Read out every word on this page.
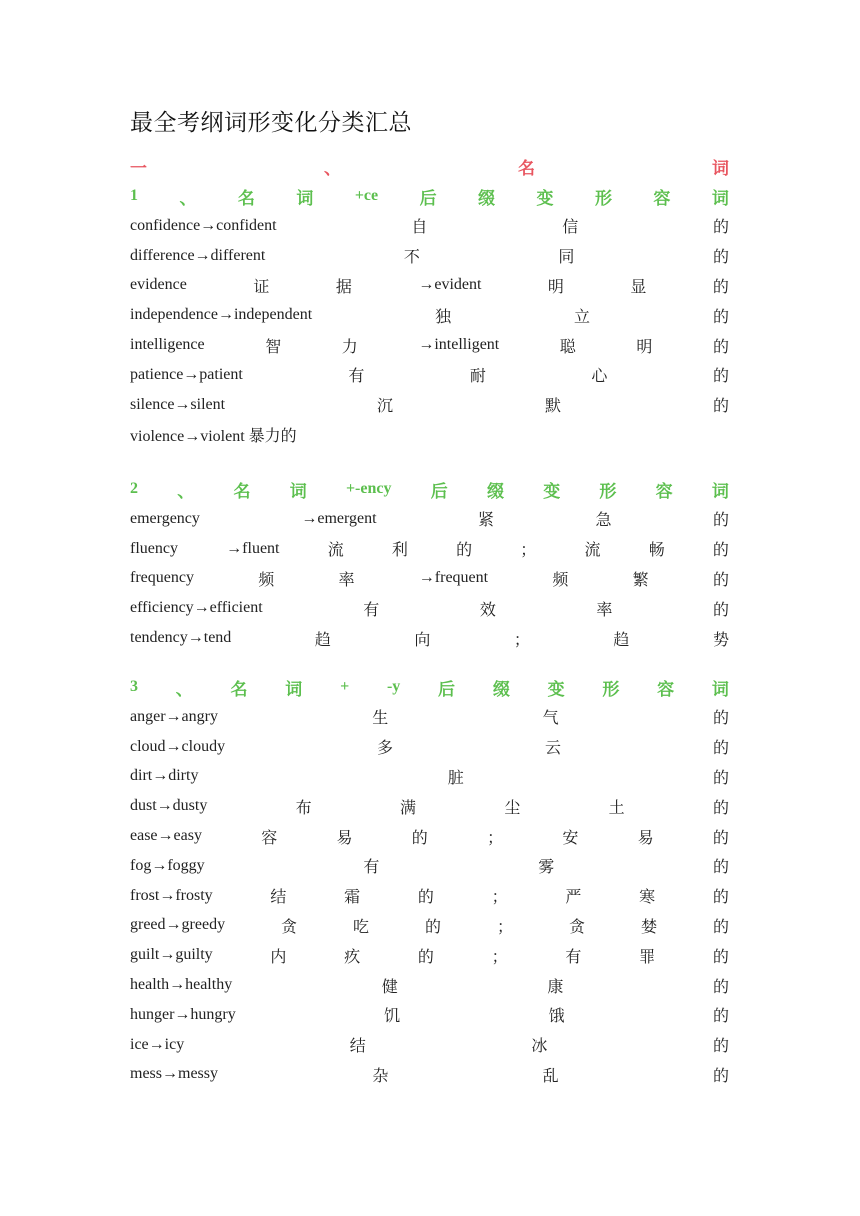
最全考纲词形变化分类汇总
一	、	名	词
1 、 名 词	+ce 后 缀 变 形 容 词
confidence→confident	自	信	的
difference→different	不	同	的
evidence	证	据	→evident	明	显	的
independence→independent	独	立	的
intelligence	智	力	→intelligent	聪	明	的
patience→patient	有	耐	心	的
silence→silent	沉	默	的
violence→violent 暴力的
2 、 名 词 +-ency 后 缀 变 形 容 词
emergency	→emergent	紧	急	的
fluency	→fluent	流	利	的	；	流	畅	的
frequency	频	率	→frequent	频	繁	的
efficiency→efficient	有	效	率	的
tendency→tend	趋	向	；	趋	势
3 、 名 词 + -y 后 缀 变 形 容 词
anger→angry	生	气	的
cloud→cloudy	多	云	的
dirt→dirty	脏	的
dust→dusty	布	满	尘	土	的
ease→easy	容	易	的	；	安	易	的
fog→foggy	有	雾	的
frost→frosty	结	霜	的	；	严	寒	的
greed→greedy	贪	吃	的	；	贪	婪	的
guilt→guilty	内	疚	的	；	有	罪	的
health→healthy	健	康	的
hunger→hungry	饥	饿	的
ice→icy	结	冰	的
mess→messy	杂	乱	的
